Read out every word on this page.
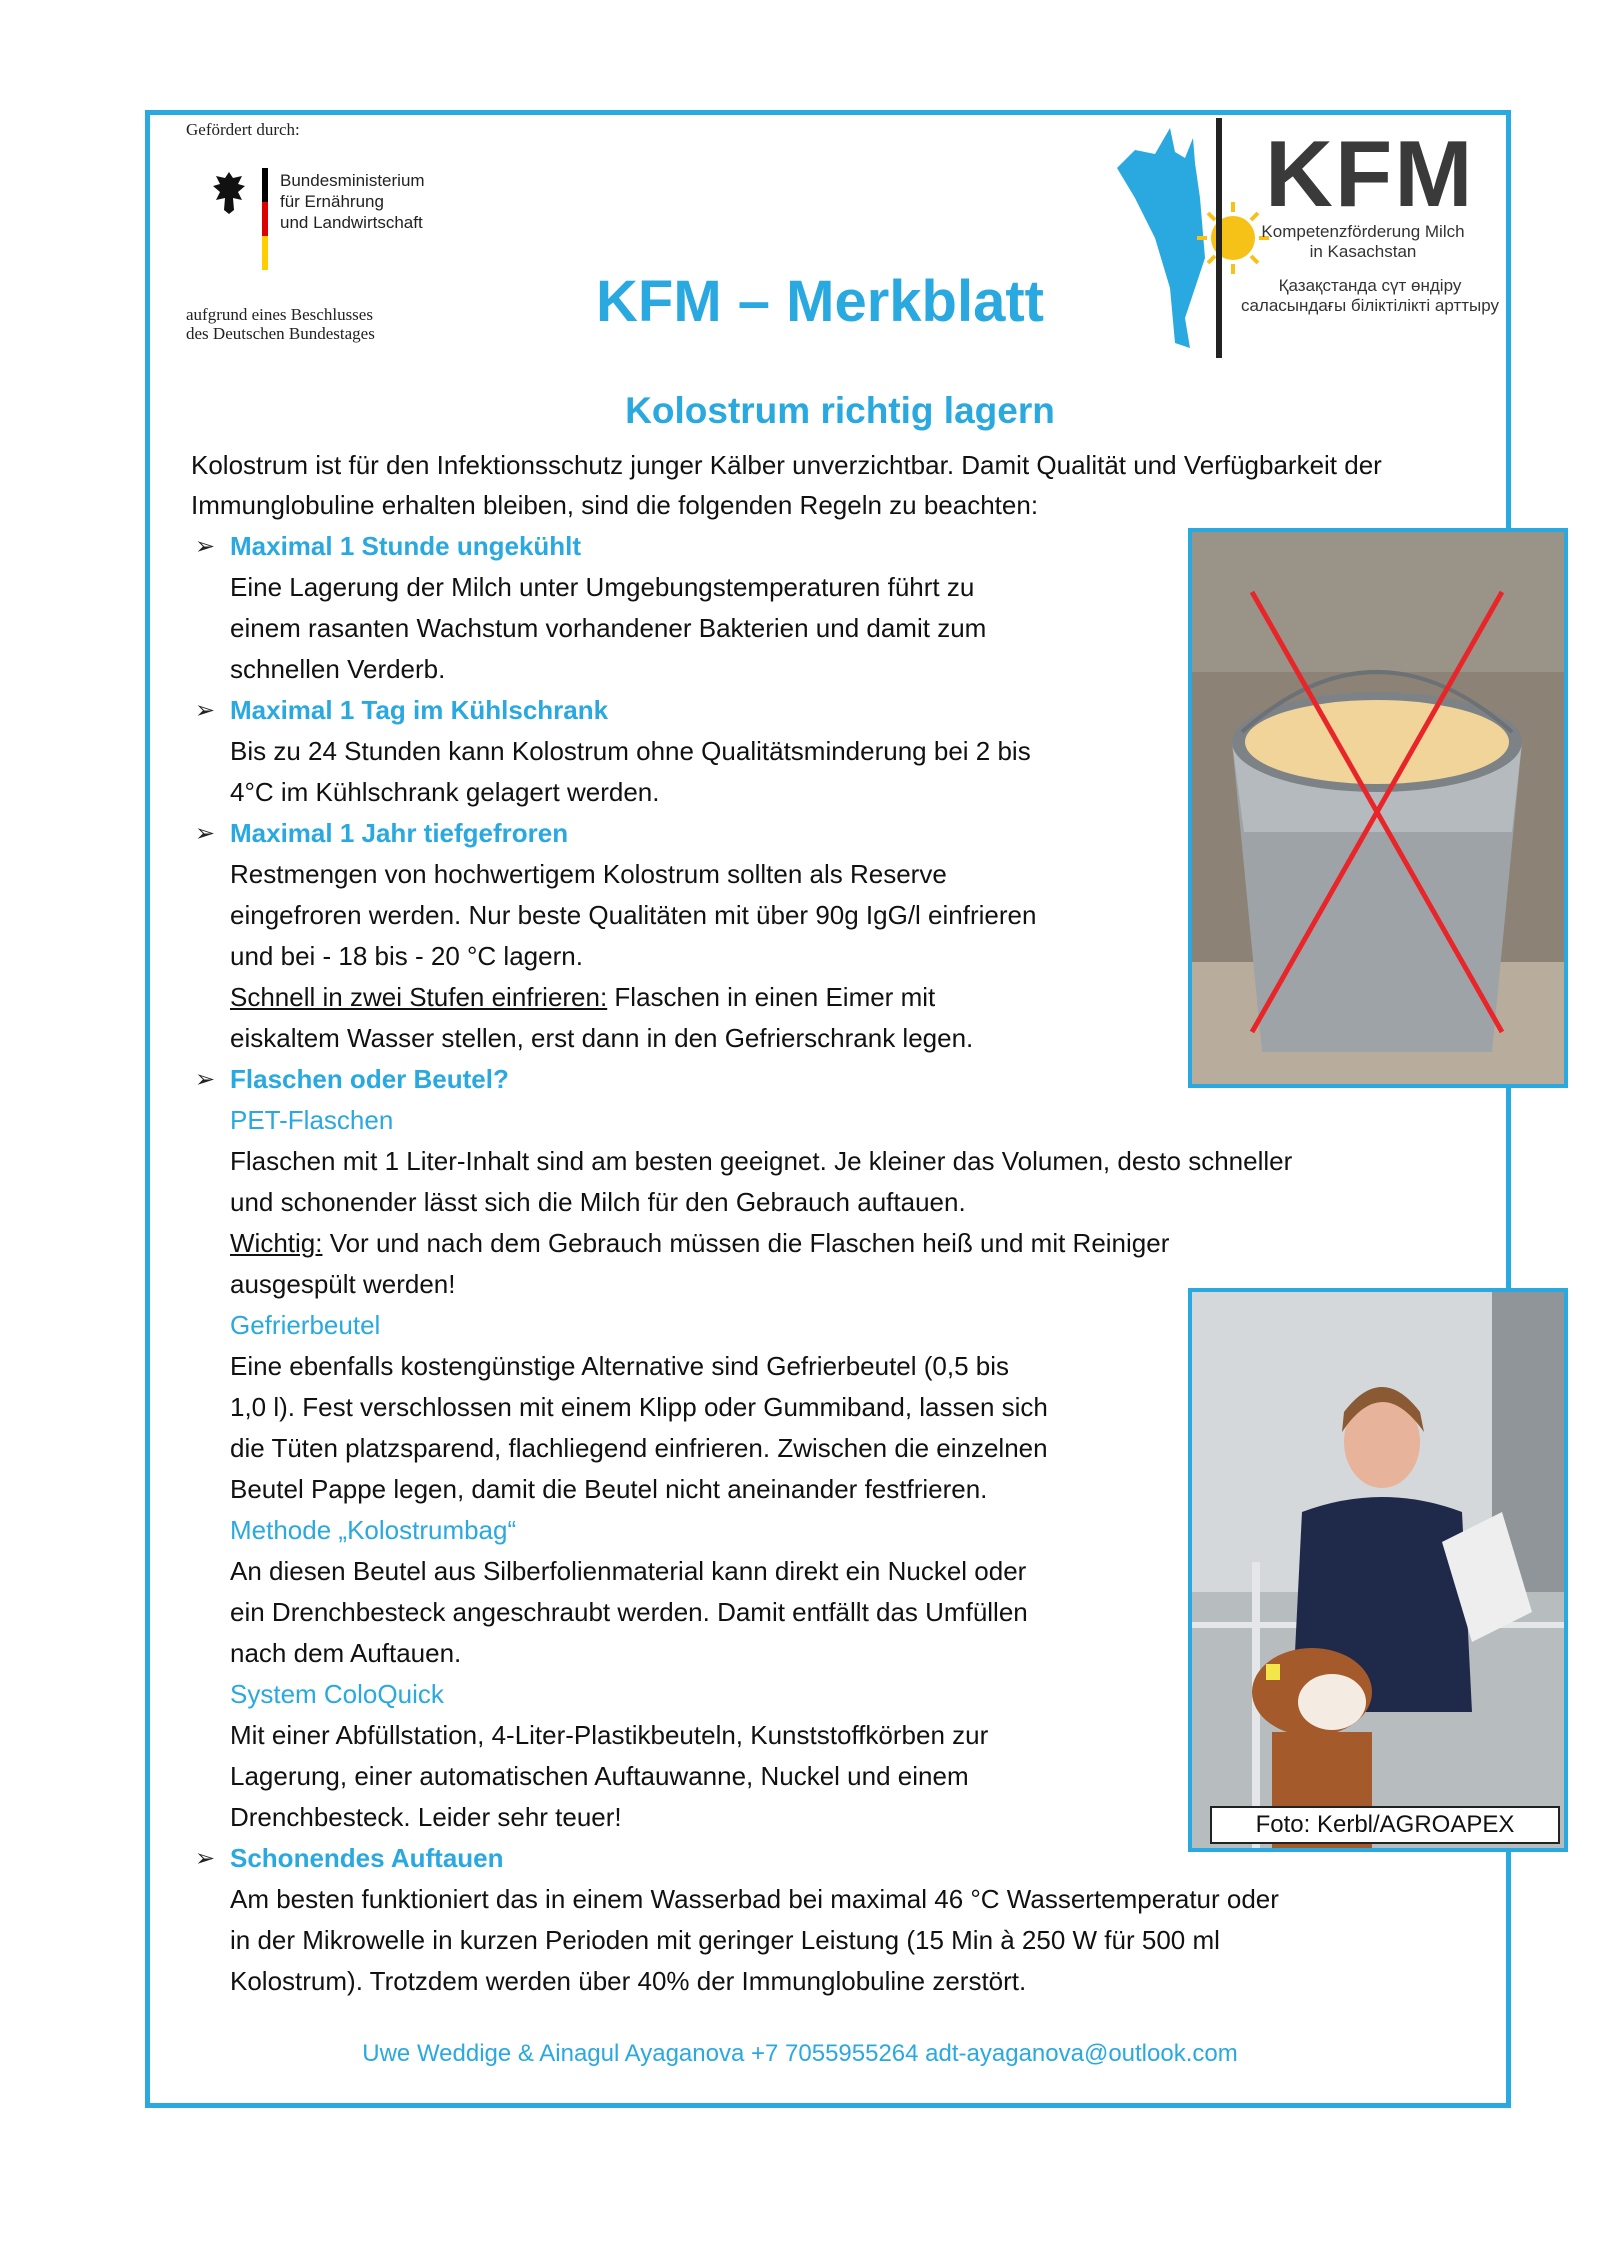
Gefördert durch:
Bundesministerium
für Ernährung
und Landwirtschaft
aufgrund eines Beschlusses
des Deutschen Bundestages	KFM – Merkblatt
KFM
Kompetenzförderung Milch
in Kasachstan
Қазақстанда сүт өндіру
саласындағы біліктілікті арттыру
Kolostrum richtig lagern
Kolostrum ist für den Infektionsschutz junger Kälber unverzichtbar. Damit Qualität und Verfügbarkeit der Immunglobuline erhalten bleiben, sind die folgenden Regeln zu beachten:
➢ Maximal 1 Stunde ungekühlt
Eine Lagerung der Milch unter Umgebungstemperaturen führt zu
einem rasanten Wachstum vorhandener Bakterien und damit zum
schnellen Verderb.
➢ Maximal 1 Tag im Kühlschrank
Bis zu 24 Stunden kann Kolostrum ohne Qualitätsminderung bei 2 bis
4°C im Kühlschrank gelagert werden.
➢ Maximal 1 Jahr tiefgefroren
Restmengen von hochwertigem Kolostrum sollten als Reserve
eingefroren werden. Nur beste Qualitäten mit über 90g IgG/l einfrieren
und bei - 18 bis - 20 °C lagern.
Schnell in zwei Stufen einfrieren: Flaschen in einen Eimer mit
eiskaltem Wasser stellen, erst dann in den Gefrierschrank legen.
➢ Flaschen oder Beutel?
PET-Flaschen
Flaschen mit 1 Liter-Inhalt sind am besten geeignet. Je kleiner das Volumen, desto schneller
und schonender lässt sich die Milch für den Gebrauch auftauen.
Wichtig: Vor und nach dem Gebrauch müssen die Flaschen heiß und mit Reiniger
ausgespült werden!
Gefrierbeutel
Eine ebenfalls kostengünstige Alternative sind Gefrierbeutel (0,5 bis
1,0 l). Fest verschlossen mit einem Klipp oder Gummiband, lassen sich
die Tüten platzsparend, flachliegend einfrieren. Zwischen die einzelnen
Beutel Pappe legen, damit die Beutel nicht aneinander festfrieren.
Methode „Kolostrumbag“
An diesen Beutel aus Silberfolienmaterial kann direkt ein Nuckel oder
ein Drenchbesteck angeschraubt werden. Damit entfällt das Umfüllen
nach dem Auftauen.
System ColoQuick
Mit einer Abfüllstation, 4-Liter-Plastikbeuteln, Kunststoffkörben zur
Lagerung, einer automatischen Auftauwanne, Nuckel und einem
Drenchbesteck. Leider sehr teuer!
➢ Schonendes Auftauen
Am besten funktioniert das in einem Wasserbad bei maximal 46 °C Wassertemperatur oder
in der Mikrowelle in kurzen Perioden mit geringer Leistung (15 Min à 250 W für 500 ml
Kolostrum). Trotzdem werden über 40% der Immunglobuline zerstört.
Foto: Kerbl/AGROAPEX
Uwe Weddige & Ainagul Ayaganova +7 7055955264 adt-ayaganova@outlook.com
